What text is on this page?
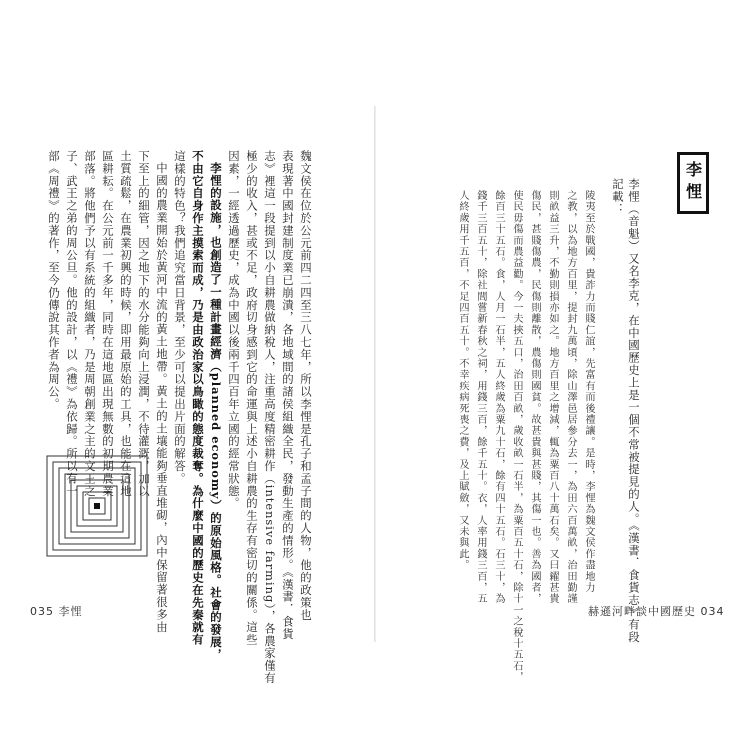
李悝
李悝（音魁）又名李克，在中國歷史上是一個不常被提見的人。《漢書．食貨志》有段
記載：
陵夷至於戰國，貴詐力而賤仁誼，先富有而後禮讓。是時，李悝為魏文侯作盡地力
之教，以為地方百里，提封九萬頃，除山澤邑居參分去一，為田六百萬畝，治田勤謹
則畝益三升，不勤則損亦如之。地方百里之增減，輒為粟百八十萬石矣。又曰糴甚貴
傷民，甚賤傷農，民傷則離散，農傷則國貧。故甚貴與甚賤，其傷一也。善為國者，
使民毋傷而農益勸。今一夫挾五口，治田百畝，歲收畝一石半，為粟百五十石，除十一之稅十五石，
餘百三十五石。食，人月一石半，五人終歲為粟九十石，餘有四十五石。石三十，為
錢千三百五十，除社閭嘗新春秋之祠，用錢三百，餘千五十。衣，人率用錢三百，五
人終歲用千五百，不足四百五十。不幸疾病死喪之費，及上賦斂，又未與此。
赫遜河畔談中國歷史 034
魏文侯在位於公元前四二四至三八七年，所以李悝是孔子和孟子間的人物，他的政策也
表現著中國封建制度業已崩潰，各地域間的諸侯組織全民，發動生產的情形。《漢書．食貨
志》裡這一段提到以小自耕農做納稅人，注重高度精密耕作（intensive farming），各農家僅有
極少的收入，甚或不足，政府切身感到它的命運與上述小自耕農的生存有密切的關係。這些
因素，一經透過歷史，成為中國以後兩千四百年立國的經常狀態。
李悝的設施，也創造了一種計畫經濟（planned economy）的原始風格。社會的發展，
不由它自身作主摸索而成，乃是由政治家以鳥瞰的態度裁奪。為什麼中國的歷史在先秦就有
這樣的特色？我們追究當日背景，至少可以提出片面的解答。
中國的農業開始於黃河中流的黃土地帶。黃土的土壤能夠垂直堆砌，內中保留著很多由
下至上的細管，因之地下的水分能夠向上浸潤，不待灌溉，加以
土質疏鬆，在農業初興的時候，即用最原始的工具，也能在這地
區耕耘。在公元前一千多年，同時在這地區出現無數的初期農業
部落。將他們予以有系統的組織者，乃是周朝創業之主的文王之
子、武王之弟的周公旦。他的設計，以《禮》為依歸。所以有一
部《周禮》的著作，至今仍傳說其作者為周公。
035 李悝
